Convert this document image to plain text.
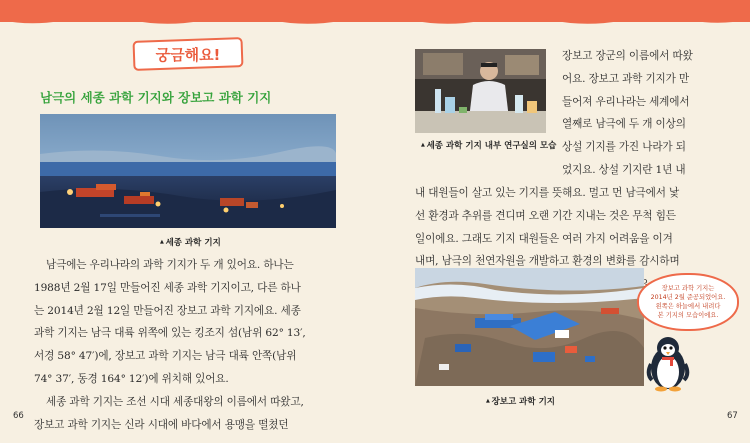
궁금해요!
남극의 세종 과학 기지와 장보고 과학 기지
▲ 세종 과학 기지

남극에는 우리나라의 과학 기지가 두 개 있어요. 하나는

1988년 2월 17일 만들어진 세종 과학 기지이고, 다른 하나

는 2014년 2월 12일 만들어진 장보고 과학 기지에요. 세종

과학 기지는 남극 대륙 위쪽에 있는 킹조지 섬(남위 62° 13′,

서경 58° 47′)에, 장보고 과학 기지는 남극 대륙 안쪽(남위

74° 37′, 동경 164° 12′)에 위치해 있어요.

세종 과학 기지는 조선 시대 세종대왕의 이름에서 따왔고,

장보고 과학 기지는 신라 시대에 바다에서 용맹을 떨쳤던

66
▲ 세종 과학 기지 내부 연구실의 모습

장보고 장군의 이름에서 따왔

어요. 장보고 과학 기지가 만

들어져 우리나라는 세계에서

열째로 남극에 두 개 이상의

상설 기지를 가진 나라가 되

었지요. 상설 기지란 1년 내

내 대원들이 살고 있는 기지를 뜻해요. 멀고 먼 남극에서 낯

선 환경과 추위를 견디며 오랜 기간 지내는 것은 무척 힘든

일이에요. 그래도 기지 대원들은 여러 가지 어려움을 이겨

내며, 남극의 천연자원을 개발하고 환경의 변화를 감시하며

▲ 장보고 과학 기지
67

장보고 과학 기지는
2014년 2월 준공되었어요.
왼쪽은 하늘에서 내려다
본 기지의 모습이에요.
